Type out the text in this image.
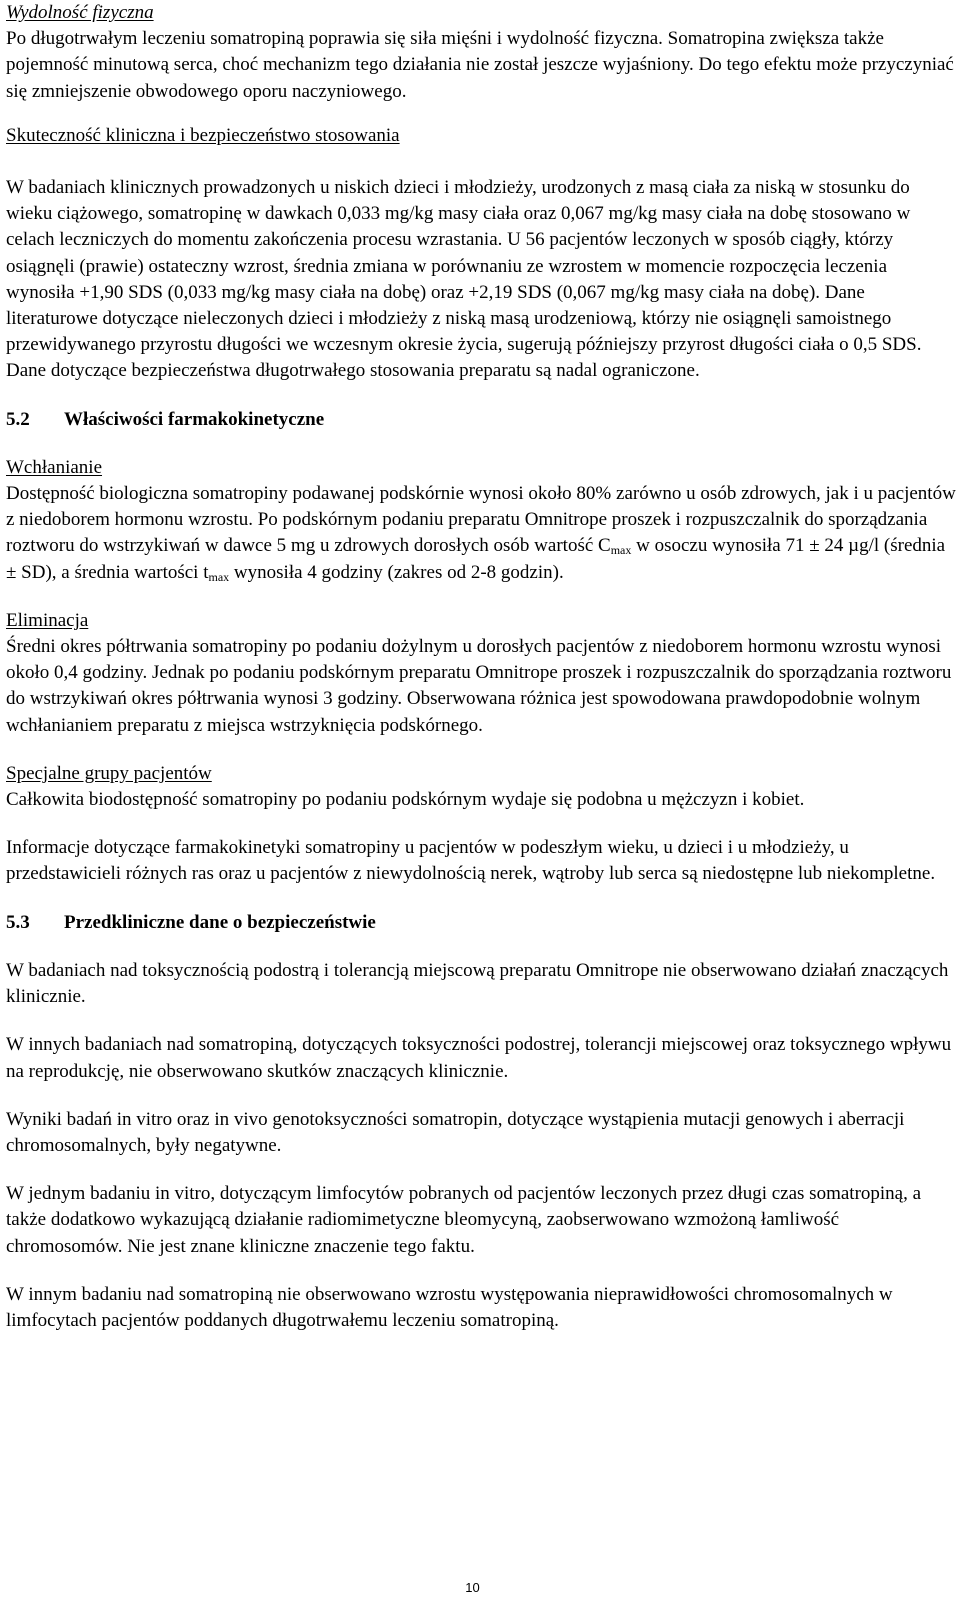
Wydolność fizyczna

Po długotrwałym leczeniu somatropiną poprawia się siła mięśni i wydolność fizyczna. Somatropina zwiększa także pojemność minutową serca, choć mechanizm tego działania nie został jeszcze wyjaśniony. Do tego efektu może przyczyniać się zmniejszenie obwodowego oporu naczyniowego.

Skuteczność kliniczna i bezpieczeństwo stosowania

W badaniach klinicznych prowadzonych u niskich dzieci i młodzieży, urodzonych z masą ciała za niską w stosunku do wieku ciążowego, somatropinę w dawkach 0,033 mg/kg masy ciała oraz 0,067 mg/kg masy ciała na dobę stosowano w celach leczniczych do momentu zakończenia procesu wzrastania. U 56 pacjentów leczonych w sposób ciągły, którzy osiągnęli (prawie) ostateczny wzrost, średnia zmiana w porównaniu ze wzrostem w momencie rozpoczęcia leczenia wynosiła +1,90 SDS (0,033 mg/kg masy ciała na dobę) oraz +2,19 SDS (0,067 mg/kg masy ciała na dobę). Dane literaturowe dotyczące nieleczonych dzieci i młodzieży z niską masą urodzeniową, którzy nie osiągnęli samoistnego przewidywanego przyrostu długości we wczesnym okresie życia, sugerują późniejszy przyrost długości ciała o 0,5 SDS. Dane dotyczące bezpieczeństwa długotrwałego stosowania preparatu są nadal ograniczone.

5.2	Właściwości farmakokinetyczne

Wchłanianie

Dostępność biologiczna somatropiny podawanej podskórnie wynosi około 80% zarówno u osób zdrowych, jak i u pacjentów z niedoborem hormonu wzrostu. Po podskórnym podaniu preparatu Omnitrope proszek i rozpuszczalnik do sporządzania roztworu do wstrzykiwań w dawce 5 mg u zdrowych dorosłych osób wartość $C_{max}$ w osoczu wynosiła 71 ± 24 µg/l (średnia ± SD), a średnia wartości $t_{max}$ wynosiła 4 godziny (zakres od 2-8 godzin).

Eliminacja

Średni okres półtrwania somatropiny po podaniu dożylnym u dorosłych pacjentów z niedoborem hormonu wzrostu wynosi około 0,4 godziny. Jednak po podaniu podskórnym preparatu Omnitrope proszek i rozpuszczalnik do sporządzania roztworu do wstrzykiwań okres półtrwania wynosi 3 godziny. Obserwowana różnica jest spowodowana prawdopodobnie wolnym wchłanianiem preparatu z miejsca wstrzyknięcia podskórnego.

Specjalne grupy pacjentów

Całkowita biodostępność somatropiny po podaniu podskórnym wydaje się podobna u mężczyzn i kobiet.

Informacje dotyczące farmakokinetyki somatropiny u pacjentów w podeszłym wieku, u dzieci i u młodzieży, u przedstawicieli różnych ras oraz u pacjentów z niewydolnością nerek, wątroby lub serca są niedostępne lub niekompletne.

5.3	Przedkliniczne dane o bezpieczeństwie

W badaniach nad toksycznością podostrą i tolerancją miejscową preparatu Omnitrope nie obserwowano działań znaczących klinicznie.

W innych badaniach nad somatropiną, dotyczących toksyczności podostrej, tolerancji miejscowej oraz toksycznego wpływu na reprodukcję, nie obserwowano skutków znaczących klinicznie.

Wyniki badań in vitro oraz in vivo genotoksyczności somatropin, dotyczące wystąpienia mutacji genowych i aberracji chromosomalnych, były negatywne.

W jednym badaniu in vitro, dotyczącym limfocytów pobranych od pacjentów leczonych przez długi czas somatropiną, a także dodatkowo wykazującą działanie radiomimetyczne bleomycyną, zaobserwowano wzmożoną łamliwość chromosomów. Nie jest znane kliniczne znaczenie tego faktu.

W innym badaniu nad somatropiną nie obserwowano wzrostu występowania nieprawidłowości chromosomalnych w limfocytach pacjentów poddanych długotrwałemu leczeniu somatropiną.

10
